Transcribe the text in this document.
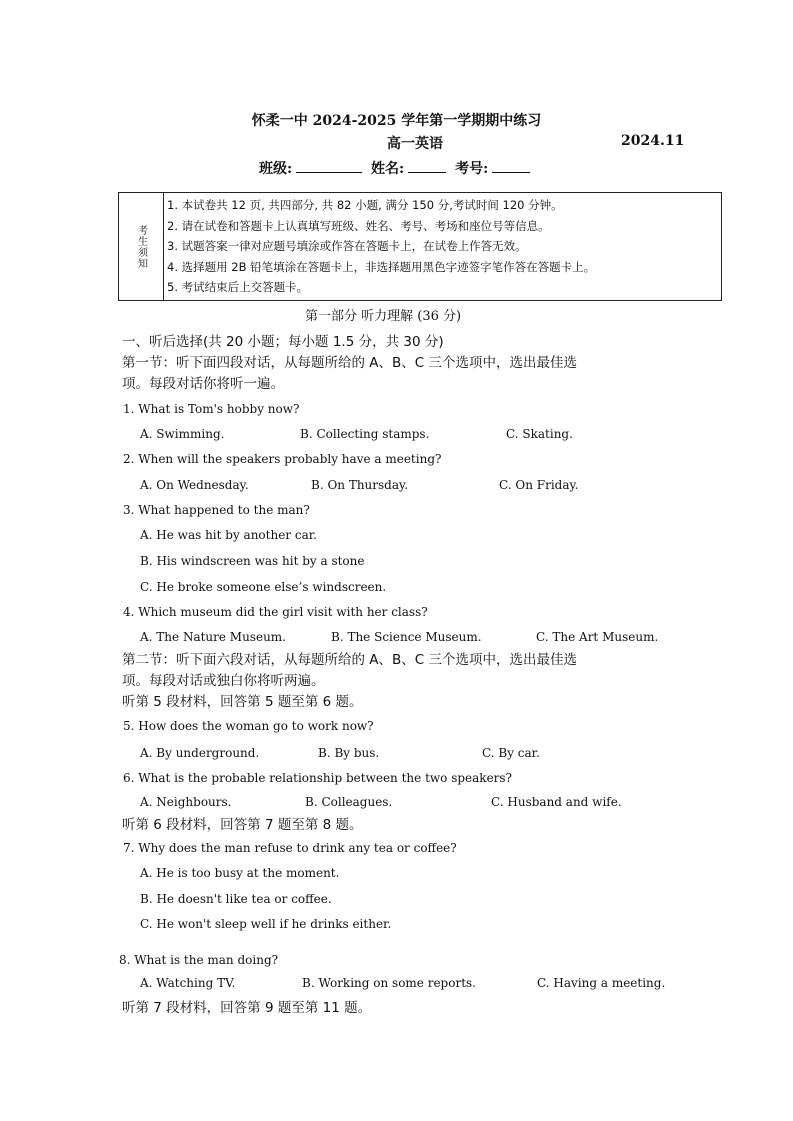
怀柔一中 2024-2025 学年第一学期期中练习
高一英语	2024.11
班级:	姓名:	考号:
考生须知
1. 本试卷共 12 页, 共四部分, 共 82 小题, 满分 150 分,考试时间 120 分钟。
2. 请在试卷和答题卡上认真填写班级、姓名、考号、考场和座位号等信息。
3. 试题答案一律对应题号填涂或作答在答题卡上，在试卷上作答无效。
4. 选择题用 2B 铅笔填涂在答题卡上，非选择题用黑色字迹签字笔作答在答题卡上。
5. 考试结束后上交答题卡。
第一部分 听力理解 (36 分)
一、听后选择(共 20 小题；每小题 1.5 分，共 30 分)
第一节：听下面四段对话，从每题所给的 A、B、C 三个选项中，选出最佳选
项。每段对话你将听一遍。
1. What is Tom's hobby now?
A. Swimming.	B. Collecting stamps.	C. Skating.
2. When will the speakers probably have a meeting?
A. On Wednesday.	B. On Thursday.	C. On Friday.
3. What happened to the man?
A. He was hit by another car.
B. His windscreen was hit by a stone
C. He broke someone else’s windscreen.
4. Which museum did the girl visit with her class?
A. The Nature Museum.	B. The Science Museum.	C. The Art Museum.
第二节：听下面六段对话，从每题所给的 A、B、C 三个选项中，选出最佳选
项。每段对话或独白你将听两遍。
听第 5 段材料，回答第 5 题至第 6 题。
5. How does the woman go to work now?
A. By underground.	B. By bus.	C. By car.
6. What is the probable relationship between the two speakers?
A. Neighbours.	B. Colleagues.	C. Husband and wife.
听第 6 段材料，回答第 7 题至第 8 题。
7. Why does the man refuse to drink any tea or coffee?
A. He is too busy at the moment.
B. He doesn't like tea or coffee.
C. He won't sleep well if he drinks either.
8. What is the man doing?
A. Watching TV.	B. Working on some reports.	C. Having a meeting.
听第 7 段材料，回答第 9 题至第 11 题。
